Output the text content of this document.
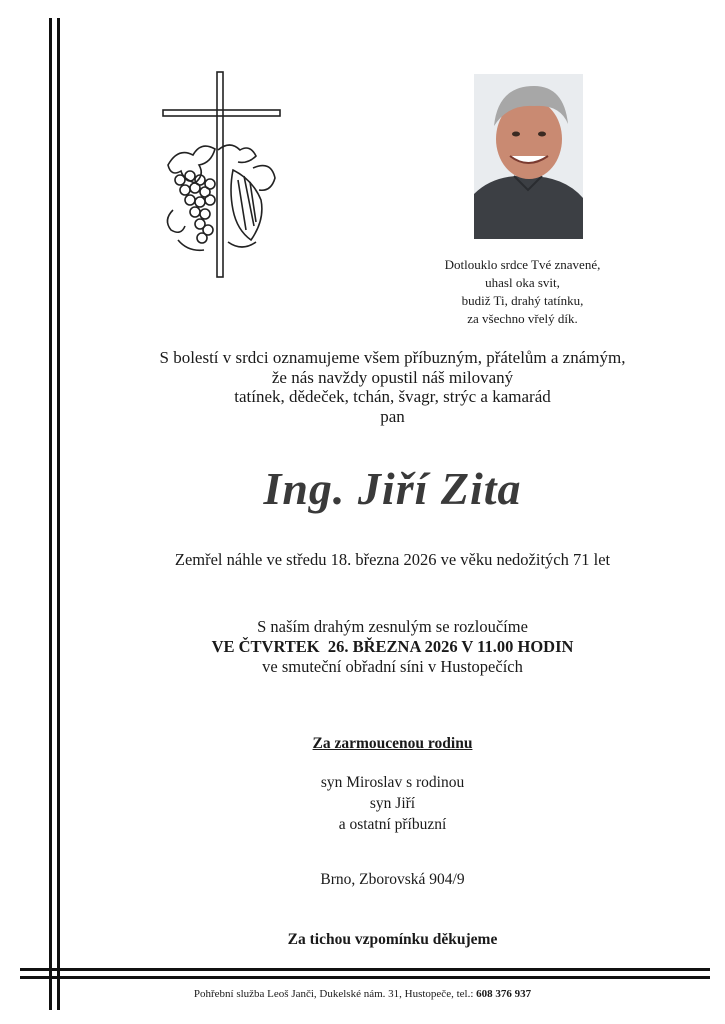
Dotlouklo srdce Tvé znavené,
uhasl oka svit,
budiž Ti, drahý tatínku,
za všechno vřelý dík.
S bolestí v srdci oznamujeme všem příbuzným, přátelům a známým,
že nás navždy opustil náš milovaný
tatínek, dědeček, tchán, švagr, strýc a kamarád
pan
Ing. Jiří Zita
Zemřel náhle ve středu 18. března 2026 ve věku nedožitých 71 let
S naším drahým zesnulým se rozloučíme
VE ČTVRTEK  26. BŘEZNA 2026 V 11.00 HODIN
ve smuteční obřadní síni v Hustopečích
Za zarmoucenou rodinu
syn Miroslav s rodinou
syn Jiří
a ostatní příbuzní
Brno, Zborovská 904/9
Za tichou vzpomínku děkujeme
Pohřební služba Leoš Janči, Dukelské nám. 31, Hustopeče, tel.: 608 376 937
